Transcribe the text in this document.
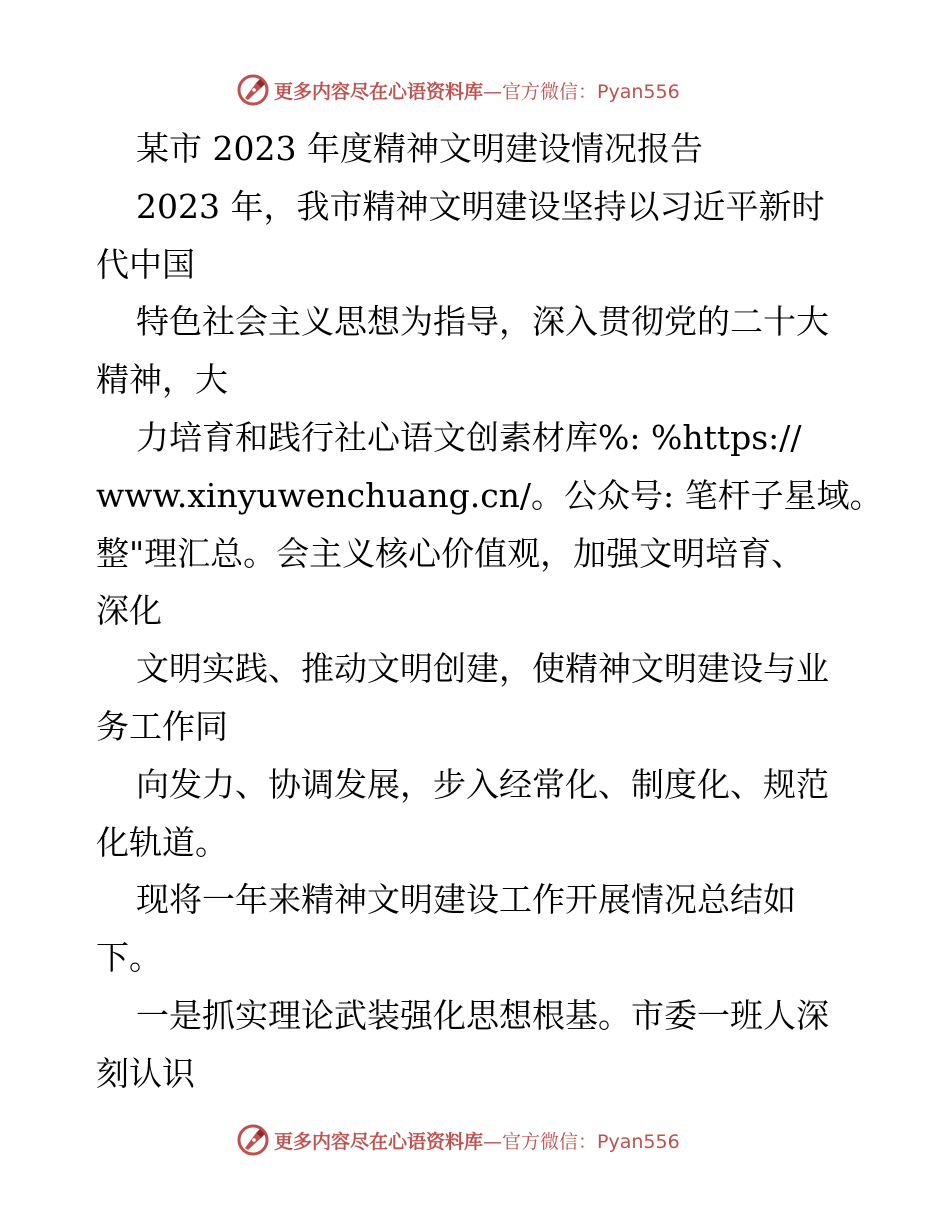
更多内容尽在心语资料库—官方微信：Pyan556
某市 2023 年度精神文明建设情况报告
2023 年，我市精神文明建设坚持以习近平新时
代中国
特色社会主义思想为指导，深入贯彻党的二十大
精神，大
力培育和践行社心语文创素材库%: %https://
www.xinyuwenchuang.cn/。公众号: 笔杆子星域。
整"理汇总。会主义核心价值观，加强文明培育、
深化
文明实践、推动文明创建，使精神文明建设与业
务工作同
向发力、协调发展，步入经常化、制度化、规范
化轨道。
现将一年来精神文明建设工作开展情况总结如
下。
一是抓实理论武装强化思想根基。市委一班人深
刻认识
更多内容尽在心语资料库—官方微信：Pyan556
